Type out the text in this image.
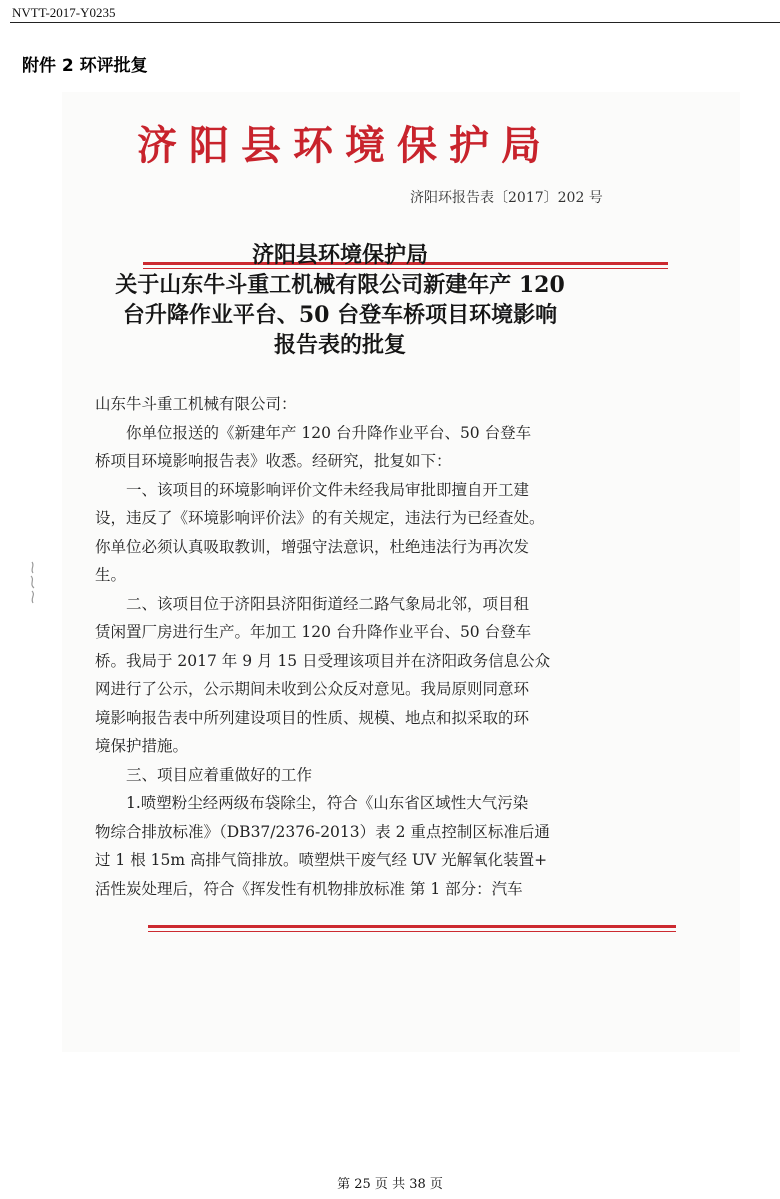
NVTT-2017-Y0235
附件 2 环评批复
济阳县环境保护局
济阳环报告表〔2017〕202 号
济阳县环境保护局
关于山东牛斗重工机械有限公司新建年产 120
台升降作业平台、50 台登车桥项目环境影响
报告表的批复
山东牛斗重工机械有限公司：
你单位报送的《新建年产 120 台升降作业平台、50 台登车
桥项目环境影响报告表》收悉。经研究，批复如下：
一、该项目的环境影响评价文件未经我局审批即擅自开工建
设，违反了《环境影响评价法》的有关规定，违法行为已经查处。
你单位必须认真吸取教训，增强守法意识，杜绝违法行为再次发
生。
二、该项目位于济阳县济阳街道经二路气象局北邻，项目租
赁闲置厂房进行生产。年加工 120 台升降作业平台、50 台登车
桥。我局于 2017 年 9 月 15 日受理该项目并在济阳政务信息公众
网进行了公示，公示期间未收到公众反对意见。我局原则同意环
境影响报告表中所列建设项目的性质、规模、地点和拟采取的环
境保护措施。
三、项目应着重做好的工作
1.喷塑粉尘经两级布袋除尘，符合《山东省区域性大气污染
物综合排放标准》（DB37/2376-2013）表 2 重点控制区标准后通
过 1 根 15m 高排气筒排放。喷塑烘干废气经 UV 光解氧化装置+
活性炭处理后，符合《挥发性有机物排放标准 第 1 部分：汽车
第 25 页 共 38 页
